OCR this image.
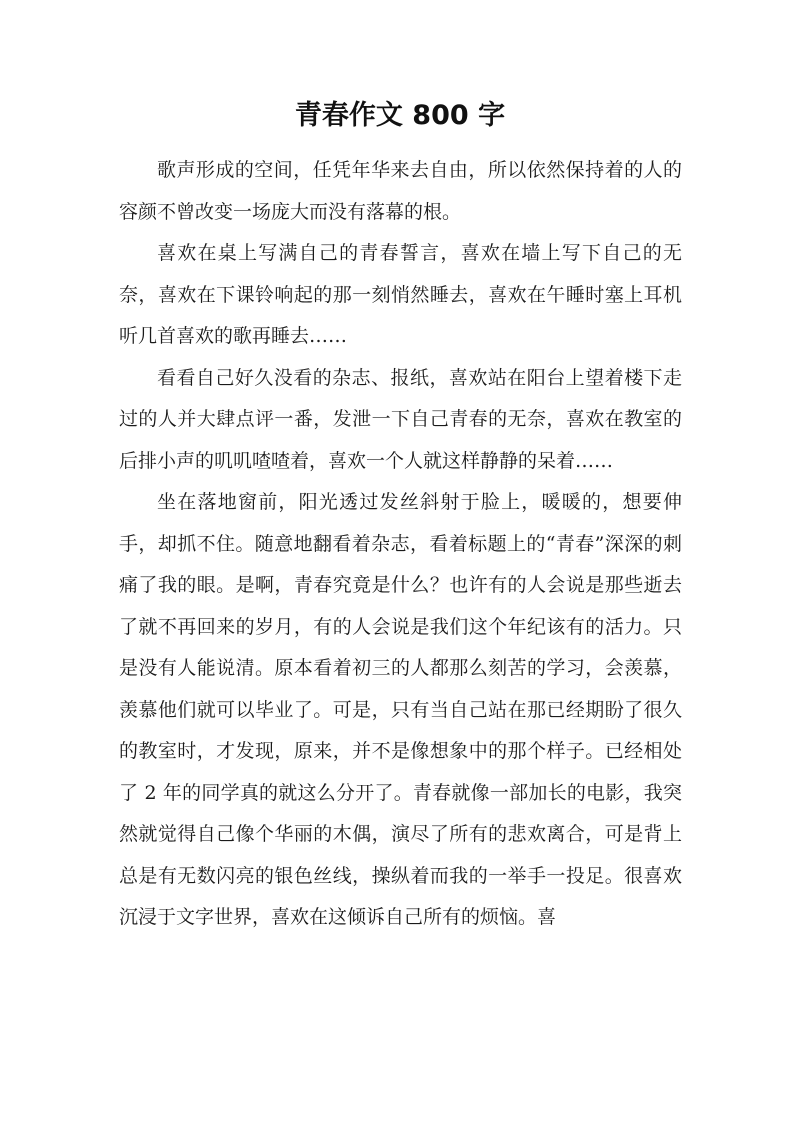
青春作文 800 字

歌声形成的空间，任凭年华来去自由，所以依然保持着的人的容颜不曾改变一场庞大而没有落幕的根。

喜欢在桌上写满自己的青春誓言，喜欢在墙上写下自己的无奈，喜欢在下课铃响起的那一刻悄然睡去，喜欢在午睡时塞上耳机听几首喜欢的歌再睡去……

看看自己好久没看的杂志、报纸，喜欢站在阳台上望着楼下走过的人并大肆点评一番，发泄一下自己青春的无奈，喜欢在教室的后排小声的叽叽喳喳着，喜欢一个人就这样静静的呆着……

坐在落地窗前，阳光透过发丝斜射于脸上，暖暖的，想要伸手，却抓不住。随意地翻看着杂志，看着标题上的“青春”深深的刺痛了我的眼。是啊，青春究竟是什么？也许有的人会说是那些逝去了就不再回来的岁月，有的人会说是我们这个年纪该有的活力。只是没有人能说清。原本看着初三的人都那么刻苦的学习，会羡慕，羡慕他们就可以毕业了。可是，只有当自己站在那已经期盼了很久的教室时，才发现，原来，并不是像想象中的那个样子。已经相处了 2 年的同学真的就这么分开了。青春就像一部加长的电影，我突然就觉得自己像个华丽的木偶，演尽了所有的悲欢离合，可是背上总是有无数闪亮的银色丝线，操纵着而我的一举手一投足。很喜欢沉浸于文字世界，喜欢在这倾诉自己所有的烦恼。喜
